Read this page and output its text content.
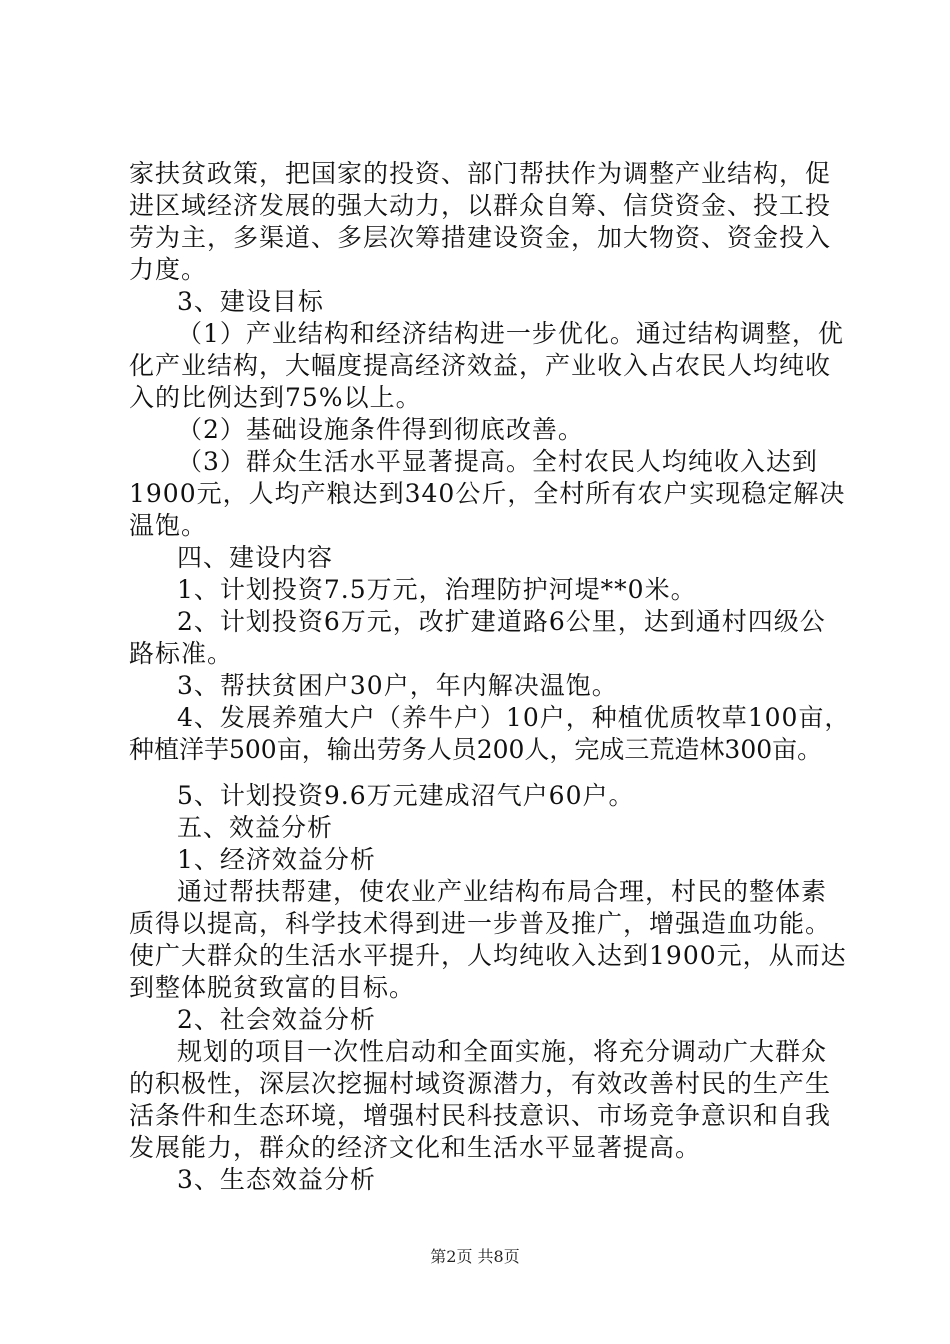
家扶贫政策，把国家的投资、部门帮扶作为调整产业结构，促
进区域经济发展的强大动力，以群众自筹、信贷资金、投工投
劳为主，多渠道、多层次筹措建设资金，加大物资、资金投入
力度。
3、建设目标
（1）产业结构和经济结构进一步优化。通过结构调整，优
化产业结构，大幅度提高经济效益，产业收入占农民人均纯收
入的比例达到75%以上。
（2）基础设施条件得到彻底改善。
（3）群众生活水平显著提高。全村农民人均纯收入达到
1900元，人均产粮达到340公斤，全村所有农户实现稳定解决
温饱。
四、建设内容
1、计划投资7.5万元，治理防护河堤**0米。
2、计划投资6万元，改扩建道路6公里，达到通村四级公
路标准。
3、帮扶贫困户30户，年内解决温饱。
4、发展养殖大户（养牛户）10户，种植优质牧草100亩，
种植洋芋500亩，输出劳务人员200人，完成三荒造林300亩。
5、计划投资9.6万元建成沼气户60户。
五、效益分析
1、经济效益分析
通过帮扶帮建，使农业产业结构布局合理，村民的整体素
质得以提高，科学技术得到进一步普及推广，增强造血功能。
使广大群众的生活水平提升，人均纯收入达到1900元，从而达
到整体脱贫致富的目标。
2、社会效益分析
规划的项目一次性启动和全面实施，将充分调动广大群众
的积极性，深层次挖掘村域资源潜力，有效改善村民的生产生
活条件和生态环境，增强村民科技意识、市场竞争意识和自我
发展能力，群众的经济文化和生活水平显著提高。
3、生态效益分析
第2页 共8页
